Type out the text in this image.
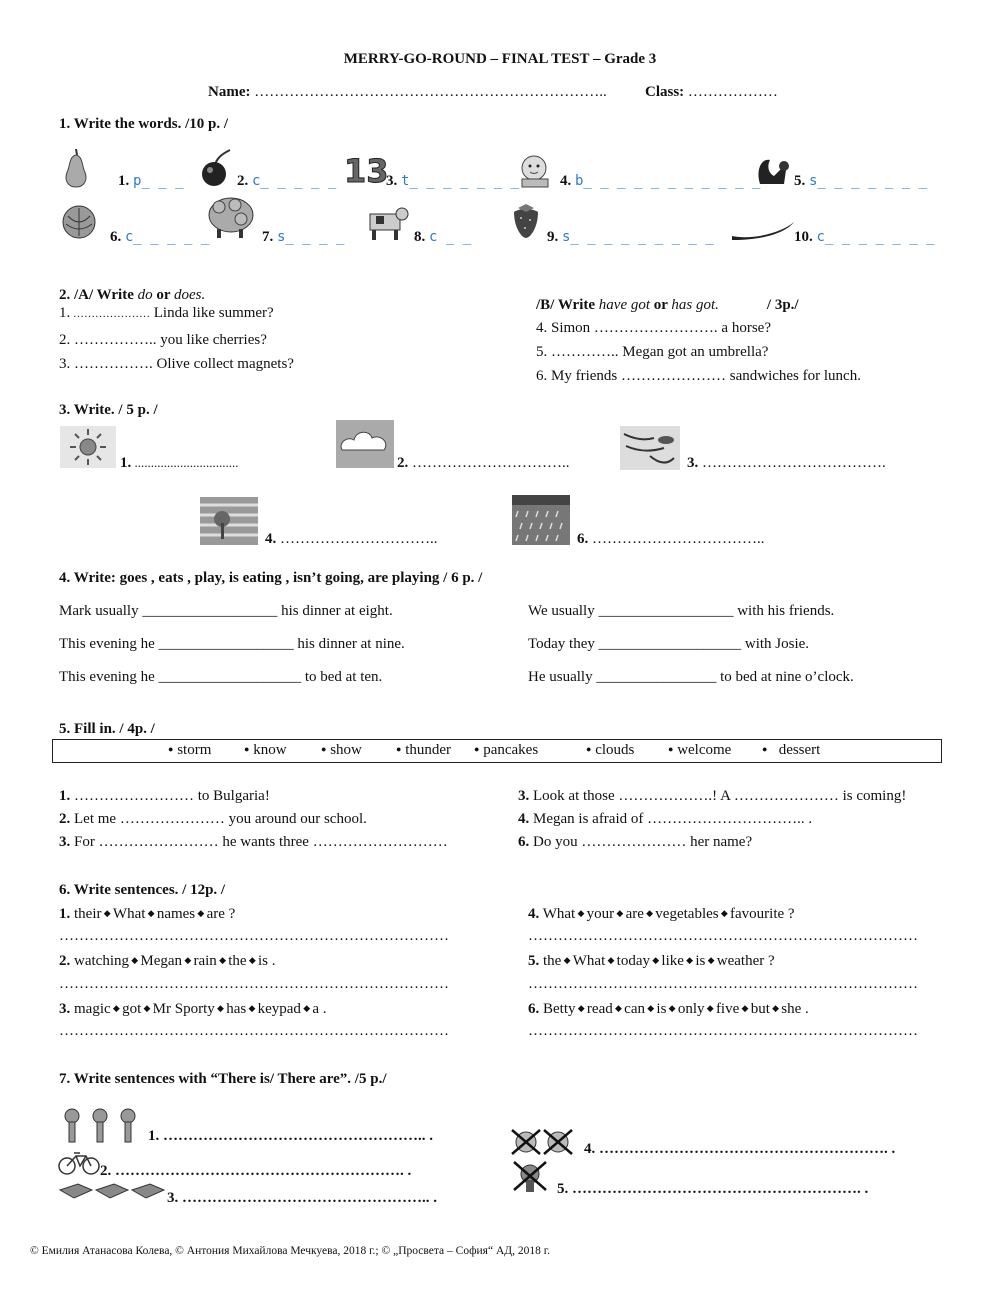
MERRY-GO-ROUND – FINAL TEST – Grade 3
Name: ……………………………………………………………..	Class: ………………
1. Write the words. /10 p. /
13
1. p_ _ _	2. c_ _ _ _ _	3. t_ _ _ _ _ _ _	4. b_ _ _ _ _ _ _ _ _ _ _ 5. s_ _ _ _ _ _ _
6. c_ _ _ _ _	7. s_ _ _ _	8. c _ _	9. s_ _ _ _ _ _ _ _ _	10. c_ _ _ _ _ _ _
2. /A/ Write do or does.
1. ………………… Linda like summer?
2. …………….. you like cherries?
3. ……………. Olive collect magnets?
/B/ Write have got or has got.	/ 3p./
4. Simon ……………………. a horse?
5. ………….. Megan got an umbrella?
6. My friends ………………… sandwiches for lunch.
3. Write. / 5 p. /
1. ................................	2. …………………………..	3. ……………………………….
4. …………………………..	6. ……………………………..
4. Write: goes , eats , play, is eating , isn’t going, are playing / 6 p. /
Mark usually __________________ his dinner at eight.
This evening he __________________ his dinner at nine.
This evening he ___________________ to bed at ten.
We usually __________________ with his friends.
Today they ___________________ with Josie.
He usually ________________ to bed at nine o’clock.
5. Fill in. / 4p. /
● storm	● know	● show	● thunder	● pancakes	● clouds	● welcome	● dessert
1. …………………… to Bulgaria!
2. Let me ………………… you around our school.
3. For …………………… he wants three ………………………
3. Look at those ……………….! A ………………… is coming!
4. Megan is afraid of ………………………….. .
6. Do you ………………… her name?
6. Write sentences. / 12p. /
1. their ◆ What ◆ names ◆ are ?
……………………………………………………………………
2. watching ◆ Megan ◆ rain ◆ the ◆ is .
……………………………………………………………………
3. magic ◆ got ◆ Mr Sporty ◆ has ◆ keypad ◆ a .
……………………………………………………………………
4. What ◆ your ◆ are ◆ vegetables ◆ favourite ?
……………………………………………………………………
5. the ◆ What ◆ today ◆ like ◆ is ◆ weather ?
……………………………………………………………………
6. Betty ◆ read ◆ can ◆ is ◆ only ◆ five ◆ but ◆ she .
……………………………………………………………………
7. Write sentences with “There is/ There are”. /5 p./
1. …………………………………………….. .
2. …………………………………………………. .
3. ………………………………………….. .
4. …………………………………………………. .
5. …………………………………………………. .
© Емилия Атанасова Колева, © Антония Михайлова Мечкуева, 2018 г.; © „Просвета – София“ АД, 2018 г.
